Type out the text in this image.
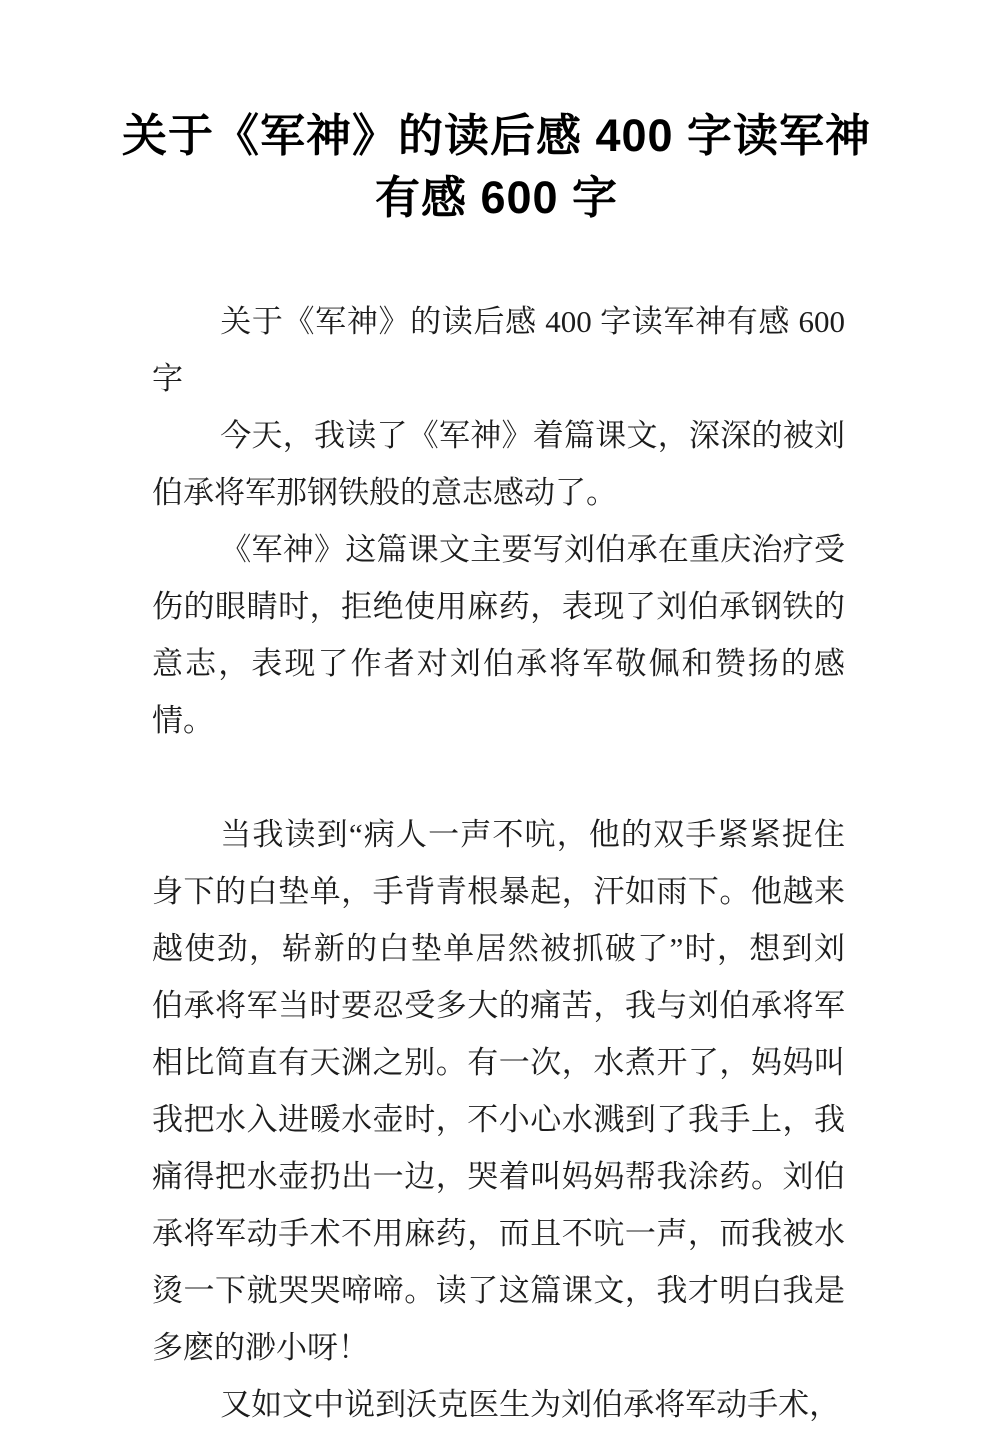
关于《军神》的读后感 400 字读军神
有感 600 字

关于《军神》的读后感 400 字读军神有感 600 字

今天，我读了《军神》着篇课文，深深的被刘伯承将军那钢铁般的意志感动了。

《军神》这篇课文主要写刘伯承在重庆治疗受伤的眼睛时，拒绝使用麻药，表现了刘伯承钢铁的意志，表现了作者对刘伯承将军敬佩和赞扬的感情。

当我读到“病人一声不吭，他的双手紧紧捉住身下的白垫单，手背青根暴起，汗如雨下。他越来越使劲，崭新的白垫单居然被抓破了”时，想到刘伯承将军当时要忍受多大的痛苦，我与刘伯承将军相比简直有天渊之别。有一次，水煮开了，妈妈叫我把水入进暖水壶时，不小心水溅到了我手上，我痛得把水壶扔出一边，哭着叫妈妈帮我涂药。刘伯承将军动手术不用麻药，而且不吭一声，而我被水烫一下就哭哭啼啼。读了这篇课文，我才明白我是多麽的渺小呀！

又如文中说到沃克医生为刘伯承将军动手术，
